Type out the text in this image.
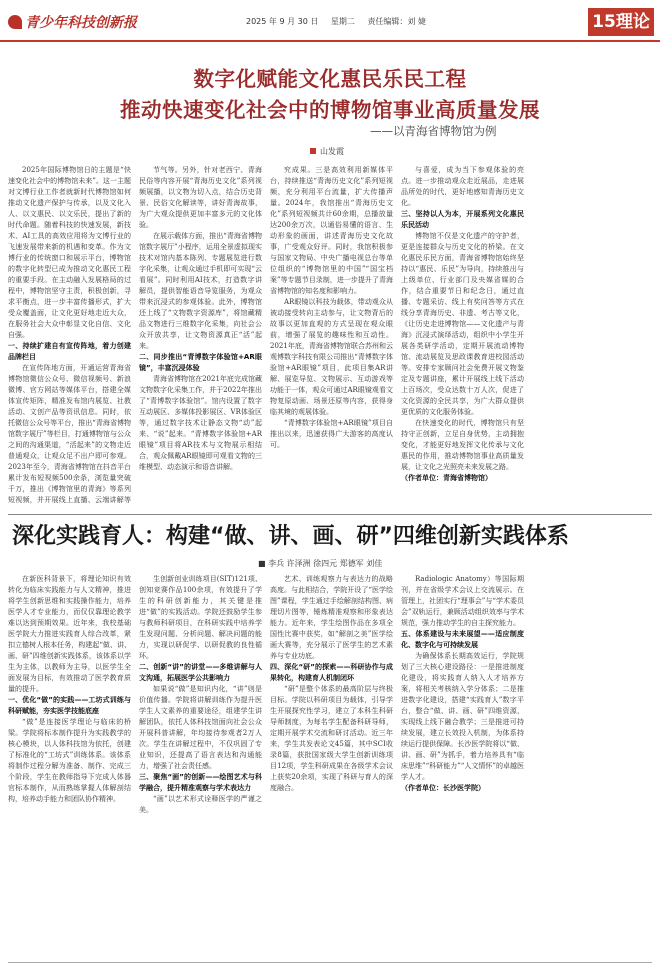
青少年科技创新报	2025 年 9 月 30 日 星期二 责任编辑：刘 婕	15理论
数字化赋能文化惠民乐民工程
推动快速变化社会中的博物馆事业高质量发展
——以青海省博物馆为例
山发霞

2025年国际博物馆日的主题是“快速变化社会中的博物馆未来”。这一主题对文博行业工作者就新时代博物馆如何推动文化遗产保护与传承，以及文化入人、以文惠民、以文乐民，提出了新的时代命题。随着科技的快速发展，新技术、AI工具的高效应用将为文博行业的飞速发展带来新的机遇和变革。作为文博行业的传统窗口和展示平台，博物馆的数字化转型已成为推动文化惠民工程的重要手段。在主动融入发展格局的过程中，博物馆坚守主责，积极创新，寻求平衡点，进一步丰富传播形式，扩大受众覆盖面，让文化更好地走近大众，在服务社会大众中彰显文化自信、文化自强。

一、持续扩建自有宣传阵地，着力创建品牌栏目

在宣传阵地方面，开通运营青海省博物馆微信公众号、微信视频号、新浪微博、官方网站等媒体平台，搭建全媒体宣传矩阵，精准发布馆内展览、社教活动、文创产品等资讯信息。同时，依托微信公众号等平台，推出“青海省博物馆数字展厅”等栏目，打通博物馆与公众之间的沟通渠道，“活起来”的文物走近普通观众，让观众足不出户即可参观。2023年至今，青海省博物馆在抖音平台累计发布短视频500余条，浏览量突破千万，推出《博物馆里的青海》等系列短视频，并开展线上直播、云端讲解等

节气等。另外，针对老西宁、青海民俗等内容开展“青海历史文化”系列视频展播，以文物为切入点，结合历史背景、民俗文化解读等，讲好青海故事，为广大观众提供更加丰富多元的文化体验。

在展示载体方面，推出“青海省博物馆数字展厅”小程序，运用全景虚拟现实技术对馆内基本陈列、专题展览进行数字化采集，让观众通过手机即可实现“云看展”。同时利用AI技术，打造数字讲解员，提供智能语音导览服务，为观众带来沉浸式的参观体验。此外，博物馆还上线了“文物数字资源库”，将馆藏精品文物进行三维数字化采集，向社会公众开放共享，让文物资源真正“活”起来。

二、同步推出“青博数字体验馆+AR眼镜”，丰富沉浸体验

青海省博物馆在2021年底完成馆藏文物数字化采集工作，并于2022年推出了“青博数字体验馆”。馆内设置了数字互动展区、多媒体投影展区、VR体验区等，通过数字技术让静态文物“动”起来、“说”起来。“青博数字体验馆+AR眼镜”项目将AR技术与文物展示相结合，观众佩戴AR眼镜即可观看文物的三维模型、动态演示和语音讲解。

究成果。三是高效利用新媒体平台，持续推送“青海历史文化”系列短视频，充分利用平台流量，扩大传播声量。2024年，我馆推出“青海历史文化”系列短视频共计60余期，总播放量达200余万次，以通俗易懂的语言、生动形象的画面，讲述青海历史文化故事，广受观众好评。同时，我馆积极参与国家文物局、中央广播电视总台等单位组织的“博物馆里的中国”“国宝档案”等专题节目录制，进一步提升了青海省博物馆的知名度和影响力。

AR眼镜以科技为载体，带动观众从被动接受转向主动参与，让文物背后的故事以更加直观的方式呈现在观众眼前，增强了展览的趣味性和互动性。2021年底，青海省博物馆联合苏州和云观博数字科技有限公司推出“青博数字体验馆+AR眼镜”项目，此项目集AR讲解、展览导览、文物展示、互动游戏等功能于一体，观众可通过AR眼镜观看文物复原动画、场景还原等内容，获得身临其境的观展体验。

“青博数字体验馆+AR眼镜”项目自推出以来，迅速获得广大游客的高度认可。

与喜爱，成为当下参观体验的亮点。进一步推动观众走近展品，走进展品所处的时代，更好地感知青海历史文化。

三、坚持以人为本，开展系列文化惠民乐民活动

博物馆不仅是文化遗产的守护者，更是连接群众与历史文化的桥梁。在文化惠民乐民方面，青海省博物馆始终坚持以“惠民、乐民”为导向，持续推出与上级单位、行业部门及央媒省媒的合作，结合重要节日和纪念日，通过直播、专题采访、线上有奖问答等方式在线分享青海历史、非遗、考古等文化，《让历史走进博物馆——文化遗产与青海》沉浸式演绎活动，组织中小学生开展各类研学活动，定期开展流动博物馆、流动展览及思政课教育进校园活动等。安排专家顾问社会免费开展文物鉴定及专题讲座，累计开展线上线下活动上百场次，受众达数十万人次，促进了文化资源的全民共享，为广大群众提供更优质的文化服务体验。

在快速变化的时代，博物馆只有坚持守正创新，立足自身优势，主动拥抱变化，才能更好地发挥文化传承与文化惠民的作用，推动博物馆事业高质量发展，让文化之光照亮未来发展之路。

（作者单位：青海省博物馆）

深化实践育人：构建“做、讲、画、研”四维创新实践体系
■ 李兵 许泽洲 徐四元 郑德军 刘佳

在新医科背景下，将理论知识有效转化为临床实践能力与人文精神，推进将学生创新思维和实践操作能力，培养医学人才专业能力，而仅仅靠理论教学难以达到预期效果。近年来，我校基础医学院大力推进实践育人综合改革，紧扣立德树人根本任务，构建起“做、讲、画、研”四维创新实践体系，该体系以学生为主体，以教师为主导，以医学生全面发展为目标，有效推动了医学教育质量的提升。

一、优化“做”的实践——工坊式训练与科研赋能，夯实医学技能底座

“做”是连接医学理论与临床的桥梁。学院将标本制作提升为实践教学的核心模块，以人体科技馆为依托，创建了标准化的“工坊式”训练体系。该体系将制作过程分解为准备、制作、完成三个阶段，学生在教师指导下完成人体器官标本制作，从而熟练掌握人体解剖结构，培养动手能力和团队协作精神。

生创新创业训练项目(SIT)121项、创知竞赛作品100余项，有效提升了学生的科研创新能力，其关键是推进“做”的实践活动。学院还鼓励学生参与教师科研项目，在科研实践中培养学生发现问题、分析问题、解决问题的能力，实现以研促学、以研促教的良性循环。

二、创新“讲”的讲堂——多维讲解与人文沟通，拓展医学公共影响力

如果说“做”是知识内化，“讲”则是价值传播。学院将讲解训练作为提升医学生人文素养的重要途径，组建学生讲解团队，依托人体科技馆面向社会公众开展科普讲解，年均接待参观者2万人次。学生在讲解过程中，不仅巩固了专业知识，还提高了语言表达和沟通能力，增强了社会责任感。

三、聚焦“画”的创新——绘图艺术与科学融合，提升精准观察与学术表达力

“画”以艺术形式诠释医学的严谨之美。

艺术、训练观察力与表达力的战略高度。与此相结合，学院开设了“医学绘图”课程，学生通过手绘解剖结构图、病理切片图等，锤炼精准观察和形象表达能力。近年来，学生绘图作品在多项全国性比赛中获奖，如“解剖之美”医学绘画大赛等，充分展示了医学生的艺术素养与专业功底。

四、深化“研”的探索——科研协作与成果转化，构建育人机制闭环

“研”是整个体系的最高阶层与终极目标。学院以科研项目为载体，引导学生开展探究性学习，建立了本科生科研导师制度，为每名学生配备科研导师，定期开展学术交流和研讨活动。近三年来，学生共发表论文45篇，其中SCI收录8篇，获批国家级大学生创新训练项目12项，学生科研成果在各级学术会议上获奖20余项，实现了科研与育人的深度融合。

Radiologic Anatomy）等国际期刊，并在省级学术会议上交流展示。在管理上，社团实行“理事会”与“学术委员会”双轨运行，兼顾活动组织效率与学术规范，强力推动学生的自主探究能力。

五、体系建设与未来展望——适应制度化、数字化与可持续发展

为确保体系长期高效运行，学院规划了三大核心建设路径：一是推进制度化建设，将实践育人纳入人才培养方案，将相关考核纳入学分体系；二是推进数字化建设，搭建“实践育人”数字平台，整合“做、讲、画、研”四维资源，实现线上线下融合教学；三是推进可持续发展，建立长效投入机制，为体系持续运行提供保障。长沙医学院将以“做、讲、画、研”为抓手，着力培养具有“临床思维”“科研能力”“人文情怀”的卓越医学人才。

（作者单位：长沙医学院）
